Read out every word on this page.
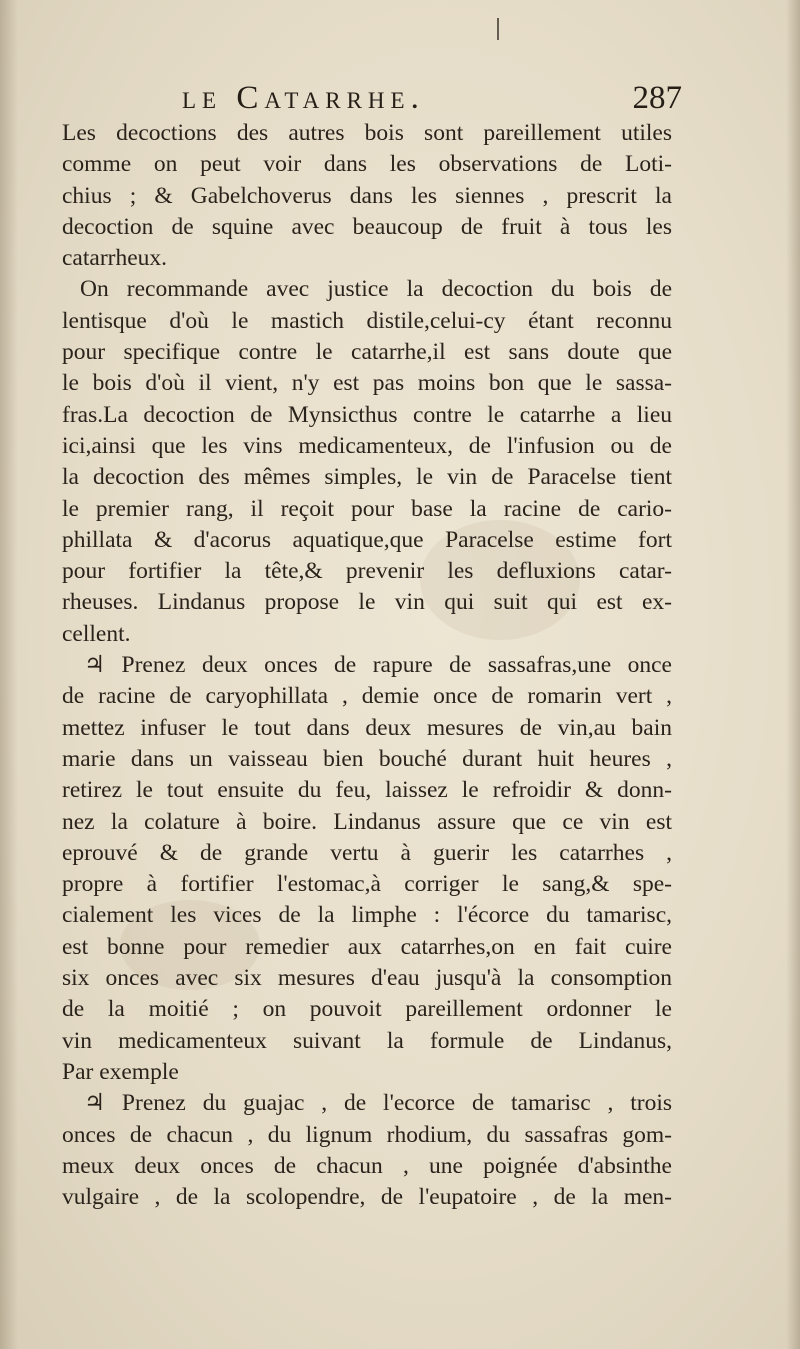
le Catarrhe.	287
Les decoctions des autres bois sont pareillement utiles
comme on peut voir dans les observations de Loti-
chius ; & Gabelchoverus dans les siennes , prescrit la
decoction de squine avec beaucoup de fruit à tous les
catarrheux.
On recommande avec justice la decoction du bois de
lentisque d'où le mastich distile,celui-cy étant reconnu
pour specifique contre le catarrhe,il est sans doute que
le bois d'où il vient, n'y est pas moins bon que le sassa-
fras.La decoction de Mynsicthus contre le catarrhe a lieu
ici,ainsi que les vins medicamenteux, de l'infusion ou de
la decoction des mêmes simples, le vin de Paracelse tient
le premier rang, il reçoit pour base la racine de cario-
phillata & d'acorus aquatique,que Paracelse estime fort
pour fortifier la tête,& prevenir les defluxions catar-
rheuses. Lindanus propose le vin qui suit qui est ex-
cellent.
♃ Prenez deux onces de rapure de sassafras,une once
de racine de caryophillata , demie once de romarin vert ,
mettez infuser le tout dans deux mesures de vin,au bain
marie dans un vaisseau bien bouché durant huit heures ,
retirez le tout ensuite du feu, laissez le refroidir & donn-
nez la colature à boire. Lindanus assure que ce vin est
eprouvé & de grande vertu à guerir les catarrhes ,
propre à fortifier l'estomac,à corriger le sang,& spe-
cialement les vices de la limphe : l'écorce du tamarisc,
est bonne pour remedier aux catarrhes,on en fait cuire
six onces avec six mesures d'eau jusqu'à la consomption
de la moitié ; on pouvoit pareillement ordonner le
vin medicamenteux suivant la formule de Lindanus,
Par exemple
♃ Prenez du guajac , de l'ecorce de tamarisc , trois
onces de chacun , du lignum rhodium, du sassafras gom-
meux deux onces de chacun , une poignée d'absinthe
vulgaire , de la scolopendre, de l'eupatoire , de la men-
